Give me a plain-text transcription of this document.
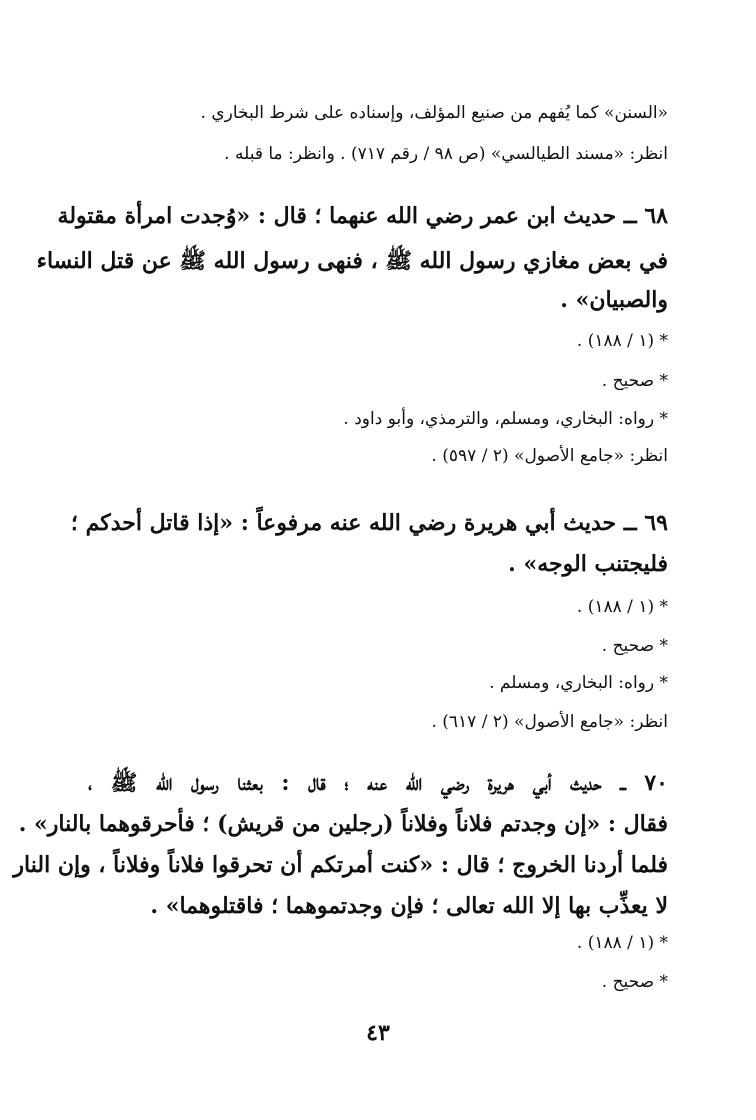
«السنن» كما يُفهم من صنيع المؤلف، وإسناده على شرط البخاري .
انظر: «مسند الطيالسي» (ص ٩٨ / رقم ٧١٧) . وانظر: ما قبله .
٦٨ ــ حديث ابن عمر رضي الله عنهما ؛ قال : «وُجدت امرأة مقتولة
في بعض مغازي رسول الله ﷺ ، فنهى رسول الله ﷺ عن قتل النساء
والصبيان» .
* (١ / ١٨٨) .
* صحيح .
* رواه: البخاري، ومسلم، والترمذي، وأبو داود .
انظر: «جامع الأصول» (٢ / ٥٩٧) .
٦٩ ــ حديث أبي هريرة رضي الله عنه مرفوعاً : «إذا قاتل أحدكم ؛
فليجتنب الوجه» .
* (١ / ١٨٨) .
* صحيح .
* رواه: البخاري، ومسلم .
انظر: «جامع الأصول» (٢ / ٦١٧) .
٧٠ ــ حديث أبي هريرة رضي الله عنه ؛ قال : بعثنا رسول الله ﷺ ،
فقال : «إن وجدتم فلاناً وفلاناً (رجلين من قريش) ؛ فأحرقوهما بالنار» .
فلما أردنا الخروج ؛ قال : «كنت أمرتكم أن تحرقوا فلاناً وفلاناً ، وإن النار
لا يعذِّب بها إلا الله تعالى ؛ فإن وجدتموهما ؛ فاقتلوهما» .
* (١ / ١٨٨) .
* صحيح .
٤٣
